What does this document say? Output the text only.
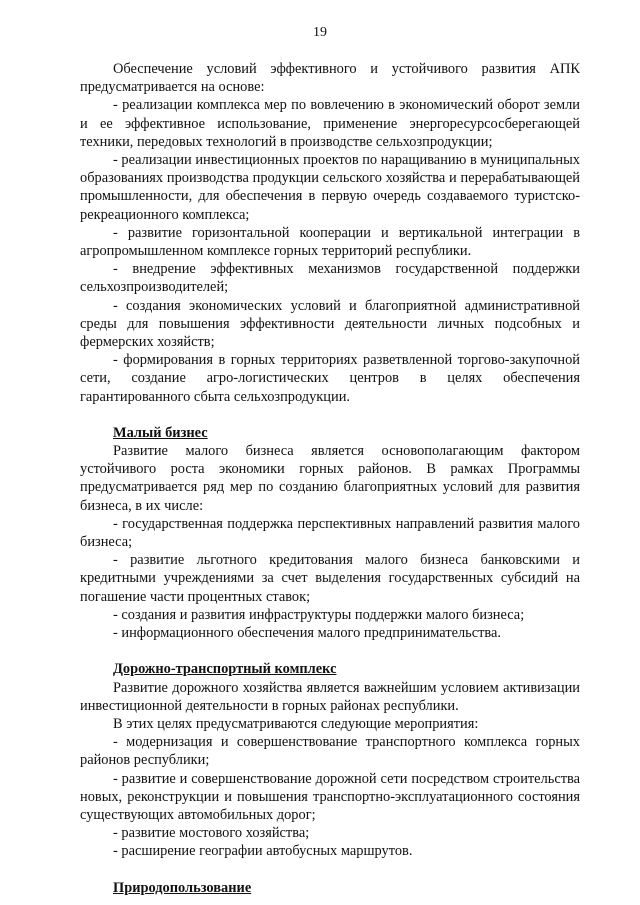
19

Обеспечение условий эффективного и устойчивого развития АПК предусматривается на основе:

- реализации комплекса мер по вовлечению в экономический оборот земли и ее эффективное использование, применение энергоресурсосберегающей техники, передовых технологий в производстве сельхозпродукции;

- реализации инвестиционных проектов по наращиванию в муниципальных образованиях производства продукции сельского хозяйства и перерабатывающей промышленности, для обеспечения в первую очередь создаваемого туристско-рекреационного комплекса;

- развитие горизонтальной кооперации и вертикальной интеграции в агропромышленном комплексе горных территорий республики.

- внедрение эффективных механизмов государственной поддержки сельхозпроизводителей;

- создания экономических условий и благоприятной административной среды для повышения эффективности деятельности личных подсобных и фермерских хозяйств;

- формирования в горных территориях разветвленной торгово-закупочной сети, создание агро-логистических центров в целях обеспечения гарантированного сбыта сельхозпродукции.

Малый бизнес

Развитие малого бизнеса является основополагающим фактором устойчивого роста экономики горных районов. В рамках Программы предусматривается ряд мер по созданию благоприятных условий для развития бизнеса, в их числе:

- государственная поддержка перспективных направлений развития малого бизнеса;

- развитие льготного кредитования малого бизнеса банковскими и кредитными учреждениями за счет выделения государственных субсидий на погашение части процентных ставок;

- создания и развития инфраструктуры поддержки малого бизнеса;

- информационного обеспечения малого предпринимательства.

Дорожно-транспортный комплекс

Развитие дорожного хозяйства является важнейшим условием активизации инвестиционной деятельности в горных районах республики.

В этих целях предусматриваются следующие мероприятия:

- модернизация и совершенствование транспортного комплекса горных районов республики;

- развитие и совершенствование дорожной сети посредством строительства новых, реконструкции и повышения транспортно-эксплуатационного состояния существующих автомобильных дорог;

- развитие мостового хозяйства;

- расширение географии автобусных маршрутов.

Природопользование
